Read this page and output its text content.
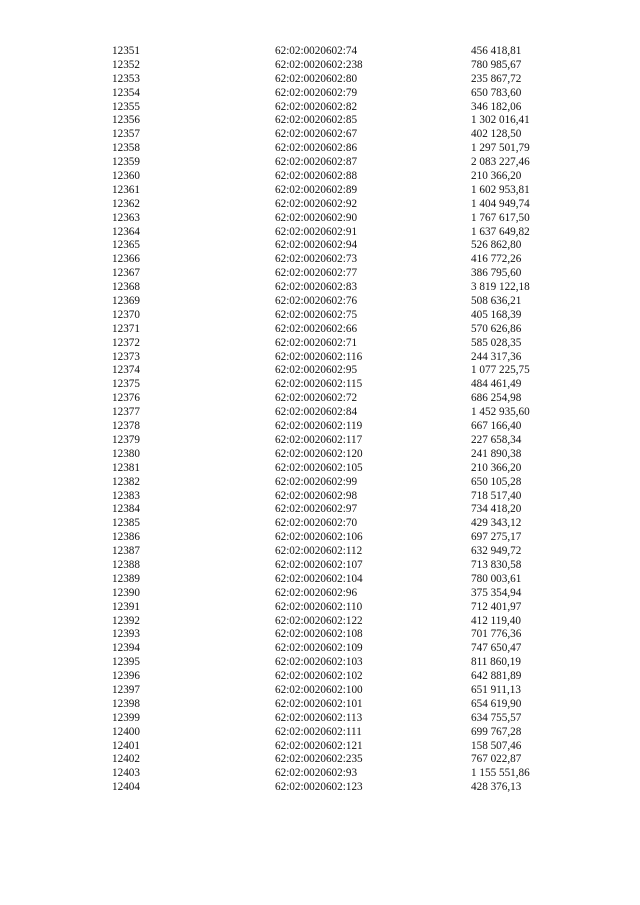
12351	62:02:0020602:74	456 418,81
12352	62:02:0020602:238	780 985,67
12353	62:02:0020602:80	235 867,72
12354	62:02:0020602:79	650 783,60
12355	62:02:0020602:82	346 182,06
12356	62:02:0020602:85	1 302 016,41
12357	62:02:0020602:67	402 128,50
12358	62:02:0020602:86	1 297 501,79
12359	62:02:0020602:87	2 083 227,46
12360	62:02:0020602:88	210 366,20
12361	62:02:0020602:89	1 602 953,81
12362	62:02:0020602:92	1 404 949,74
12363	62:02:0020602:90	1 767 617,50
12364	62:02:0020602:91	1 637 649,82
12365	62:02:0020602:94	526 862,80
12366	62:02:0020602:73	416 772,26
12367	62:02:0020602:77	386 795,60
12368	62:02:0020602:83	3 819 122,18
12369	62:02:0020602:76	508 636,21
12370	62:02:0020602:75	405 168,39
12371	62:02:0020602:66	570 626,86
12372	62:02:0020602:71	585 028,35
12373	62:02:0020602:116	244 317,36
12374	62:02:0020602:95	1 077 225,75
12375	62:02:0020602:115	484 461,49
12376	62:02:0020602:72	686 254,98
12377	62:02:0020602:84	1 452 935,60
12378	62:02:0020602:119	667 166,40
12379	62:02:0020602:117	227 658,34
12380	62:02:0020602:120	241 890,38
12381	62:02:0020602:105	210 366,20
12382	62:02:0020602:99	650 105,28
12383	62:02:0020602:98	718 517,40
12384	62:02:0020602:97	734 418,20
12385	62:02:0020602:70	429 343,12
12386	62:02:0020602:106	697 275,17
12387	62:02:0020602:112	632 949,72
12388	62:02:0020602:107	713 830,58
12389	62:02:0020602:104	780 003,61
12390	62:02:0020602:96	375 354,94
12391	62:02:0020602:110	712 401,97
12392	62:02:0020602:122	412 119,40
12393	62:02:0020602:108	701 776,36
12394	62:02:0020602:109	747 650,47
12395	62:02:0020602:103	811 860,19
12396	62:02:0020602:102	642 881,89
12397	62:02:0020602:100	651 911,13
12398	62:02:0020602:101	654 619,90
12399	62:02:0020602:113	634 755,57
12400	62:02:0020602:111	699 767,28
12401	62:02:0020602:121	158 507,46
12402	62:02:0020602:235	767 022,87
12403	62:02:0020602:93	1 155 551,86
12404	62:02:0020602:123	428 376,13
